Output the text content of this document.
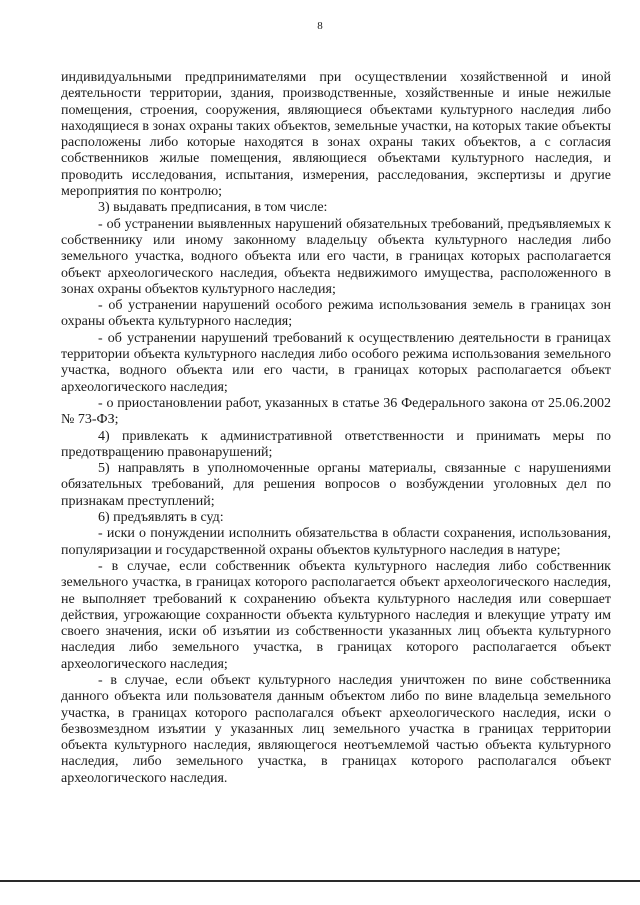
8

индивидуальными предпринимателями при осуществлении хозяйственной и иной деятельности территории, здания, производственные, хозяйственные и иные нежилые помещения, строения, сооружения, являющиеся объектами культурного наследия либо находящиеся в зонах охраны таких объектов, земельные участки, на которых такие объекты расположены либо которые находятся в зонах охраны таких объектов, а с согласия собственников жилые помещения, являющиеся объектами культурного наследия, и проводить исследования, испытания, измерения, расследования, экспертизы и другие мероприятия по контролю;

3) выдавать предписания, в том числе:

- об устранении выявленных нарушений обязательных требований, предъявляемых к собственнику или иному законному владельцу объекта культурного наследия либо земельного участка, водного объекта или его части, в границах которых располагается объект археологического наследия, объекта недвижимого имущества, расположенного в зонах охраны объектов культурного наследия;

- об устранении нарушений особого режима использования земель в границах зон охраны объекта культурного наследия;

- об устранении нарушений требований к осуществлению деятельности в границах территории объекта культурного наследия либо особого режима использования земельного участка, водного объекта или его части, в границах которых располагается объект археологического наследия;

- о приостановлении работ, указанных в статье 36 Федерального закона от 25.06.2002 № 73-ФЗ;

4) привлекать к административной ответственности и принимать меры по предотвращению правонарушений;

5) направлять в уполномоченные органы материалы, связанные с нарушениями обязательных требований, для решения вопросов о возбуждении уголовных дел по признакам преступлений;

6) предъявлять в суд:

- иски о понуждении исполнить обязательства в области сохранения, использования, популяризации и государственной охраны объектов культурного наследия в натуре;

- в случае, если собственник объекта культурного наследия либо собственник земельного участка, в границах которого располагается объект археологического наследия, не выполняет требований к сохранению объекта культурного наследия или совершает действия, угрожающие сохранности объекта культурного наследия и влекущие утрату им своего значения, иски об изъятии из собственности указанных лиц объекта культурного наследия либо земельного участка, в границах которого располагается объект археологического наследия;

- в случае, если объект культурного наследия уничтожен по вине собственника данного объекта или пользователя данным объектом либо по вине владельца земельного участка, в границах которого располагался объект археологического наследия, иски о безвозмездном изъятии у указанных лиц земельного участка в границах территории объекта культурного наследия, являющегося неотъемлемой частью объекта культурного наследия, либо земельного участка, в границах которого располагался объект археологического наследия.
